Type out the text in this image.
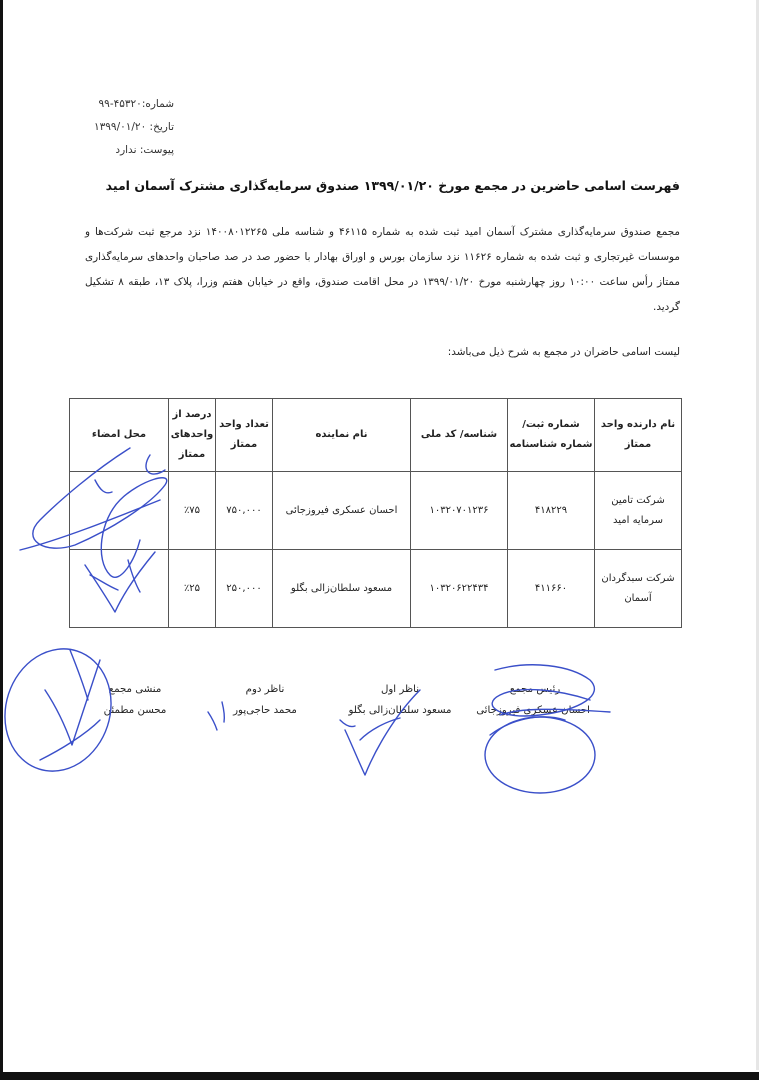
شماره:۴۵۳۲۰-۹۹
تاریخ: ۱۳۹۹/۰۱/۲۰
پیوست: ندارد
فهرست اسامی حاضرین در مجمع مورخ ۱۳۹۹/۰۱/۲۰ صندوق سرمایه‌گذاری مشترک آسمان امید
مجمع صندوق سرمایه‌گذاری مشترک آسمان امید ثبت شده به شماره ۴۶۱۱۵ و شناسه ملی ۱۴۰۰۸۰۱۲۲۶۵ نزد مرجع ثبت شرکت‌ها و موسسات غیرتجاری و ثبت شده به شماره ۱۱۶۲۶ نزد سازمان بورس و اوراق بهادار با حضور صد در صد صاحبان واحدهای سرمایه‌گذاری ممتاز رأس ساعت ۱۰:۰۰ روز چهارشنبه مورخ ۱۳۹۹/۰۱/۲۰ در محل اقامت صندوق، واقع در خیابان هفتم وزرا، پلاک ۱۳، طبقه ۸ تشکیل گردید.
لیست اسامی حاضران در مجمع به شرح ذیل می‌باشد:
نام دارنده واحد ممتاز	شماره ثبت/ شماره شناسنامه	شناسه/ کد ملی	نام نماینده	تعداد واحد ممتاز	درصد از واحدهای ممتاز	محل امضاء
شرکت تامین سرمایه امید	۴۱۸۲۲۹	۱۰۳۲۰۷۰۱۲۳۶	احسان عسکری فیروزجائی	۷۵۰,۰۰۰	٪۷۵	
شرکت سبدگردان آسمان	۴۱۱۶۶۰	۱۰۳۲۰۶۲۲۴۳۴	مسعود سلطان‌زالی بگلو	۲۵۰,۰۰۰	٪۲۵	
رئیس مجمع
احسان عسکری فیروزجائی
ناظر اول
مسعود سلطان‌زالی بگلو
ناظر دوم
محمد حاجی‌پور
منشی مجمع
محسن مطمئن
